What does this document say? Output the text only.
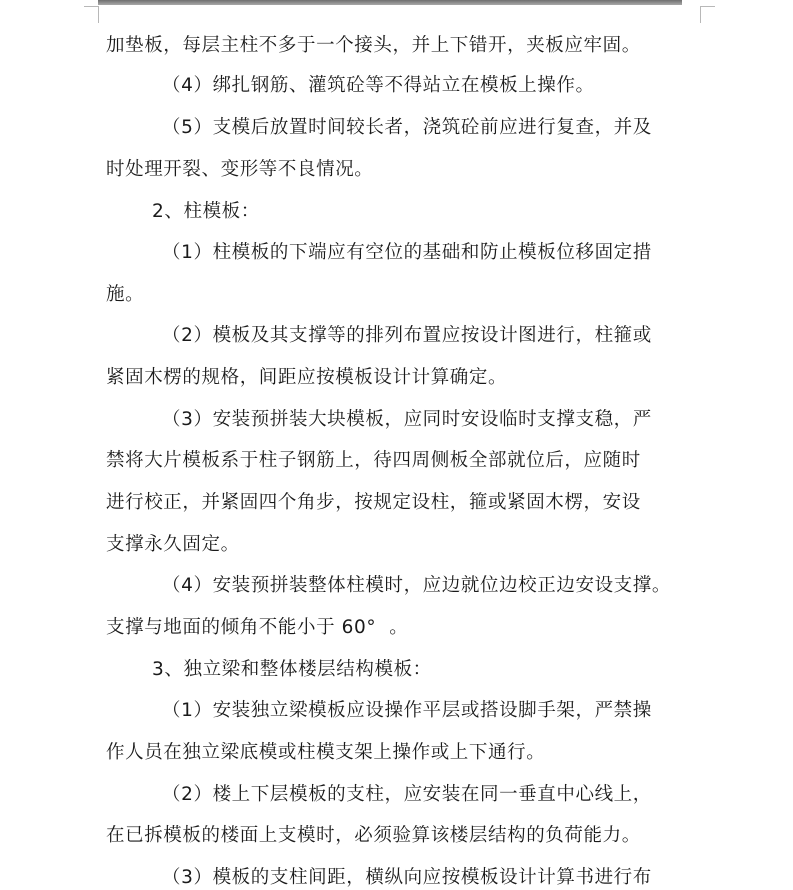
加垫板，每层主柱不多于一个接头，并上下错开，夹板应牢固。
（4）绑扎钢筋、灌筑砼等不得站立在模板上操作。
（5）支模后放置时间较长者，浇筑砼前应进行复查，并及
时处理开裂、变形等不良情况。
2、柱模板：
（1）柱模板的下端应有空位的基础和防止模板位移固定措
施。
（2）模板及其支撑等的排列布置应按设计图进行，柱箍或
紧固木楞的规格，间距应按模板设计计算确定。
（3）安装预拼装大块模板，应同时安设临时支撑支稳，严
禁将大片模板系于柱子钢筋上，待四周侧板全部就位后，应随时
进行校正，并紧固四个角步，按规定设柱，箍或紧固木楞，安设
支撑永久固定。
（4）安装预拼装整体柱模时，应边就位边校正边安设支撑。
支撑与地面的倾角不能小于 60°  。
3、独立梁和整体楼层结构模板：
（1）安装独立梁模板应设操作平层或搭设脚手架，严禁操
作人员在独立梁底模或柱模支架上操作或上下通行。
（2）楼上下层模板的支柱，应安装在同一垂直中心线上，
在已拆模板的楼面上支模时，必须验算该楼层结构的负荷能力。
（3）模板的支柱间距，横纵向应按模板设计计算书进行布
